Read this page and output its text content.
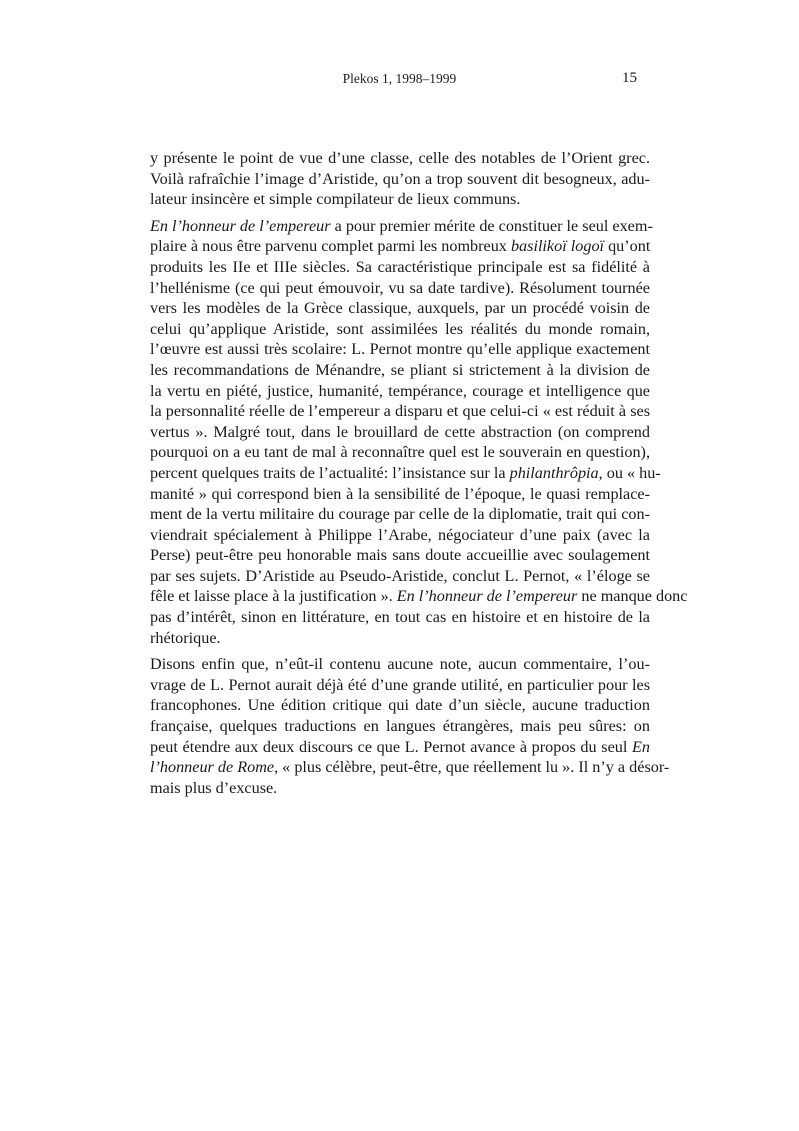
Plekos 1, 1998–1999	15
y présente le point de vue d’une classe, celle des notables de l’Orient grec.
Voilà rafraîchie l’image d’Aristide, qu’on a trop souvent dit besogneux, adu-
lateur insincère et simple compilateur de lieux communs.
En l’honneur de l’empereur a pour premier mérite de constituer le seul exem-
plaire à nous être parvenu complet parmi les nombreux basilikoï logoï qu’ont
produits les IIe et IIIe siècles. Sa caractéristique principale est sa fidélité à
l’hellénisme (ce qui peut émouvoir, vu sa date tardive). Résolument tournée
vers les modèles de la Grèce classique, auxquels, par un procédé voisin de
celui qu’applique Aristide, sont assimilées les réalités du monde romain,
l’œuvre est aussi très scolaire: L. Pernot montre qu’elle applique exactement
les recommandations de Ménandre, se pliant si strictement à la division de
la vertu en piété, justice, humanité, tempérance, courage et intelligence que
la personnalité réelle de l’empereur a disparu et que celui-ci « est réduit à ses
vertus ». Malgré tout, dans le brouillard de cette abstraction (on comprend
pourquoi on a eu tant de mal à reconnaître quel est le souverain en question),
percent quelques traits de l’actualité: l’insistance sur la philanthrôpia, ou « hu-
manité » qui correspond bien à la sensibilité de l’époque, le quasi remplace-
ment de la vertu militaire du courage par celle de la diplomatie, trait qui con-
viendrait spécialement à Philippe l’Arabe, négociateur d’une paix (avec la
Perse) peut-être peu honorable mais sans doute accueillie avec soulagement
par ses sujets. D’Aristide au Pseudo-Aristide, conclut L. Pernot, « l’éloge se
fêle et laisse place à la justification ». En l’honneur de l’empereur ne manque donc
pas d’intérêt, sinon en littérature, en tout cas en histoire et en histoire de la
rhétorique.
Disons enfin que, n’eût-il contenu aucune note, aucun commentaire, l’ou-
vrage de L. Pernot aurait déjà été d’une grande utilité, en particulier pour les
francophones. Une édition critique qui date d’un siècle, aucune traduction
française, quelques traductions en langues étrangères, mais peu sûres: on
peut étendre aux deux discours ce que L. Pernot avance à propos du seul En
l’honneur de Rome, « plus célèbre, peut-être, que réellement lu ». Il n’y a désor-
mais plus d’excuse.
